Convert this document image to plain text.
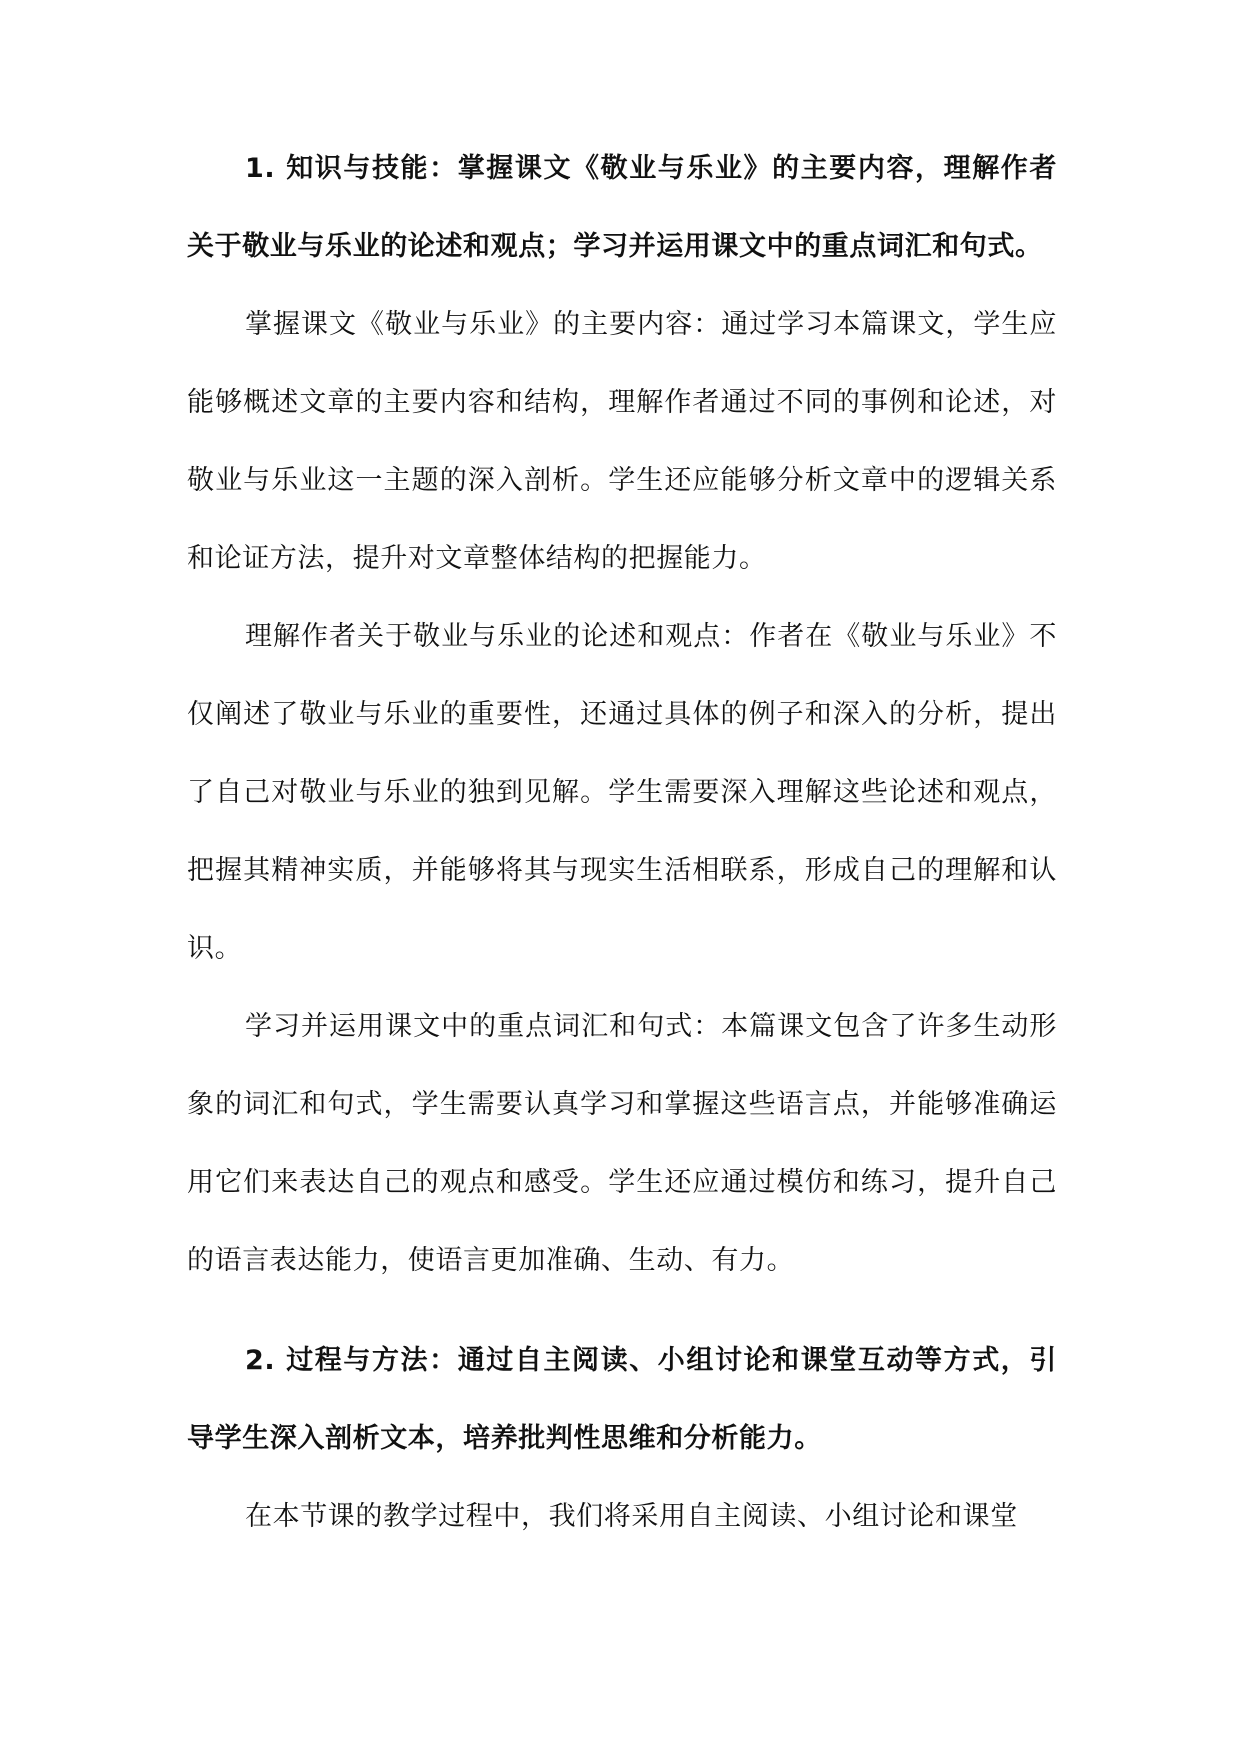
1. 知识与技能：掌握课文《敬业与乐业》的主要内容，理解作者关于敬业与乐业的论述和观点；学习并运用课文中的重点词汇和句式。

掌握课文《敬业与乐业》的主要内容：通过学习本篇课文，学生应能够概述文章的主要内容和结构，理解作者通过不同的事例和论述，对敬业与乐业这一主题的深入剖析。学生还应能够分析文章中的逻辑关系和论证方法，提升对文章整体结构的把握能力。

理解作者关于敬业与乐业的论述和观点：作者在《敬业与乐业》不仅阐述了敬业与乐业的重要性，还通过具体的例子和深入的分析，提出了自己对敬业与乐业的独到见解。学生需要深入理解这些论述和观点，把握其精神实质，并能够将其与现实生活相联系，形成自己的理解和认识。

学习并运用课文中的重点词汇和句式：本篇课文包含了许多生动形象的词汇和句式，学生需要认真学习和掌握这些语言点，并能够准确运用它们来表达自己的观点和感受。学生还应通过模仿和练习，提升自己的语言表达能力，使语言更加准确、生动、有力。

2. 过程与方法：通过自主阅读、小组讨论和课堂互动等方式，引导学生深入剖析文本，培养批判性思维和分析能力。

在本节课的教学过程中，我们将采用自主阅读、小组讨论和课堂
